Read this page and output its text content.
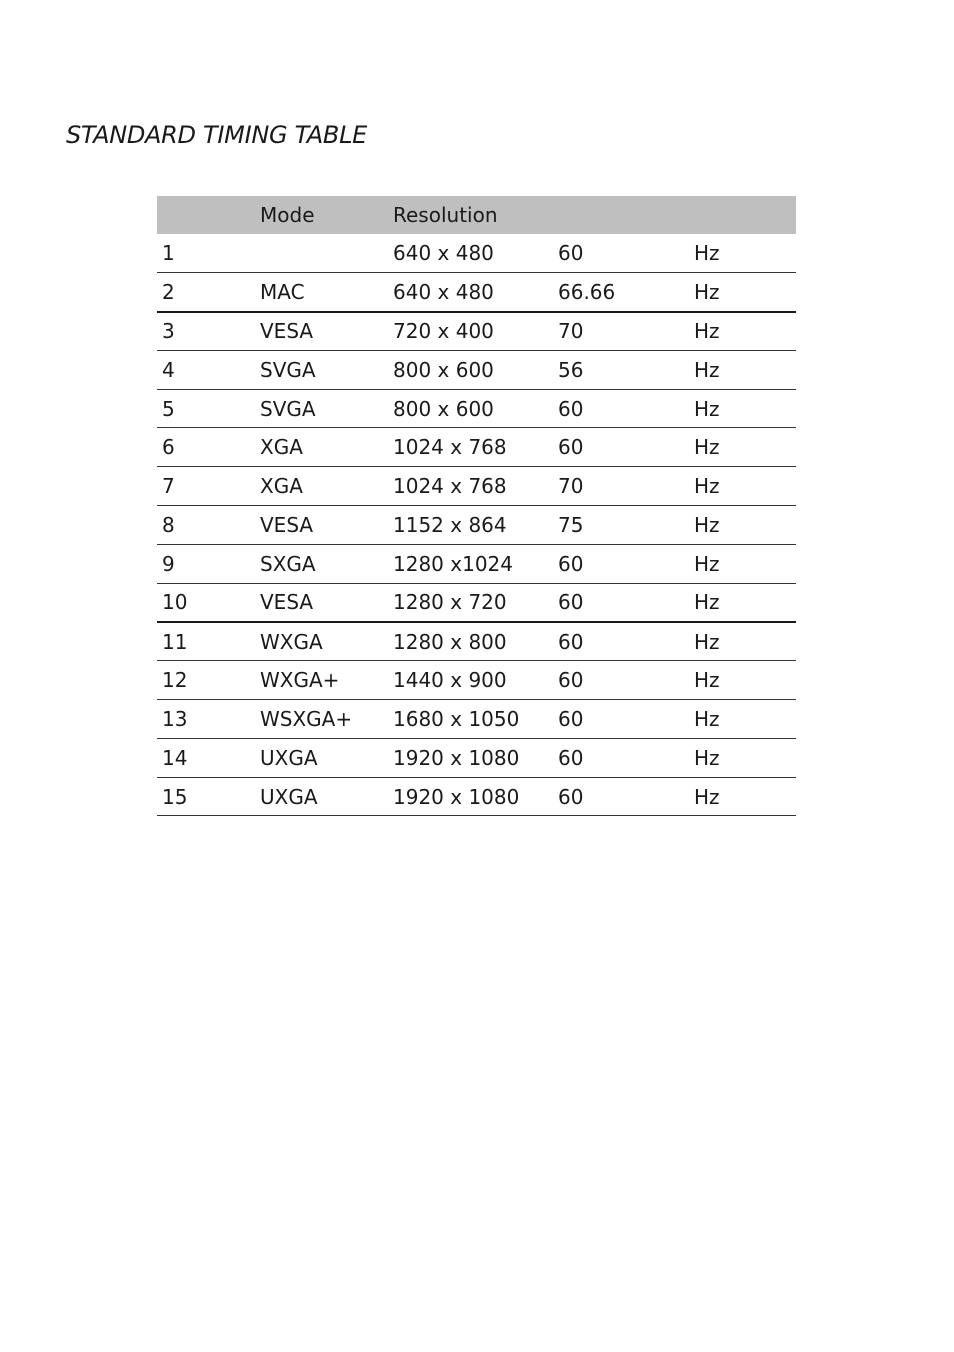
STANDARD TIMING TABLE
	Mode	Resolution		
1		640 x 480	60	Hz
2	MAC	640 x 480	66.66	Hz
3	VESA	720 x 400	70	Hz
4	SVGA	800 x 600	56	Hz
5	SVGA	800 x 600	60	Hz
6	XGA	1024 x 768	60	Hz
7	XGA	1024 x 768	70	Hz
8	VESA	1152 x 864	75	Hz
9	SXGA	1280 x1024	60	Hz
10	VESA	1280 x 720	60	Hz
11	WXGA	1280 x 800	60	Hz
12	WXGA+	1440 x 900	60	Hz
13	WSXGA+	1680 x 1050	60	Hz
14	UXGA	1920 x 1080	60	Hz
15	UXGA	1920 x 1080	60	Hz
